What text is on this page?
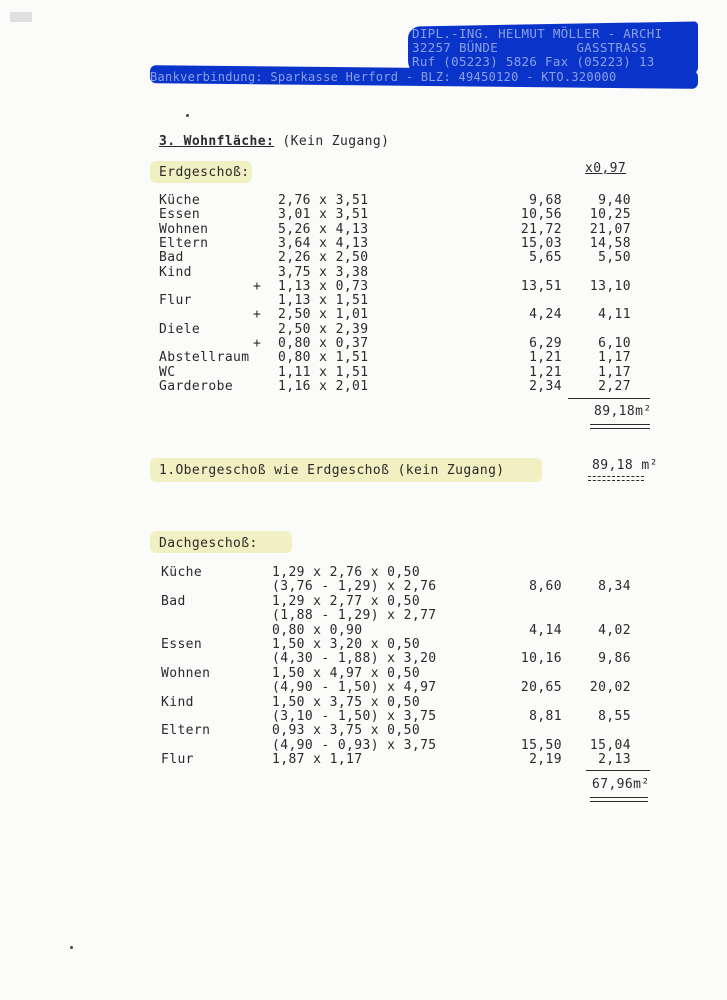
DIPL.-ING. HELMUT MÖLLER - ARCHI
32257 BÜNDE          GASSTRASS
Ruf (05223) 5826 Fax (05223) 13
Bankverbindung: Sparkasse Herford - BLZ: 49450120 - KTO.320000
3. Wohnfläche: (Kein Zugang)
Erdgeschoß:	x0,97
Küche	2,76 x 3,51	9,68	9,40
Essen	3,01 x 3,51	10,56 10,25
Wohnen	5,26 x 4,13	21,72 21,07
Eltern	3,64 x 4,13	15,03 14,58
Bad	2,26 x 2,50	5,65	5,50
Kind	3,75 x 3,38
+ 1,13 x 0,73	13,51 13,10
Flur	1,13 x 1,51
+ 2,50 x 1,01	4,24	4,11
Diele	2,50 x 2,39
+ 0,80 x 0,37	6,29	6,10
Abstellraum 0,80 x 1,51	1,21	1,17
WC	1,11 x 1,51	1,21	1,17
Garderobe	1,16 x 2,01	2,34	2,27
89,18m²
1.Obergeschoß wie Erdgeschoß (kein Zugang)	89,18 m²
Dachgeschoß:
Küche	1,29 x 2,76 x 0,50
(3,76 - 1,29) x 2,76	8,60	8,34
Bad	1,29 x 2,77 x 0,50
(1,88 - 1,29) x 2,77
0,80 x 0,90	4,14	4,02
Essen	1,50 x 3,20 x 0,50
(4,30 - 1,88) x 3,20	10,16	9,86
Wohnen	1,50 x 4,97 x 0,50
(4,90 - 1,50) x 4,97	20,65 20,02
Kind	1,50 x 3,75 x 0,50
(3,10 - 1,50) x 3,75	8,81	8,55
Eltern	0,93 x 3,75 x 0,50
(4,90 - 0,93) x 3,75	15,50 15,04
Flur	1,87 x 1,17	2,19	2,13
67,96m²
